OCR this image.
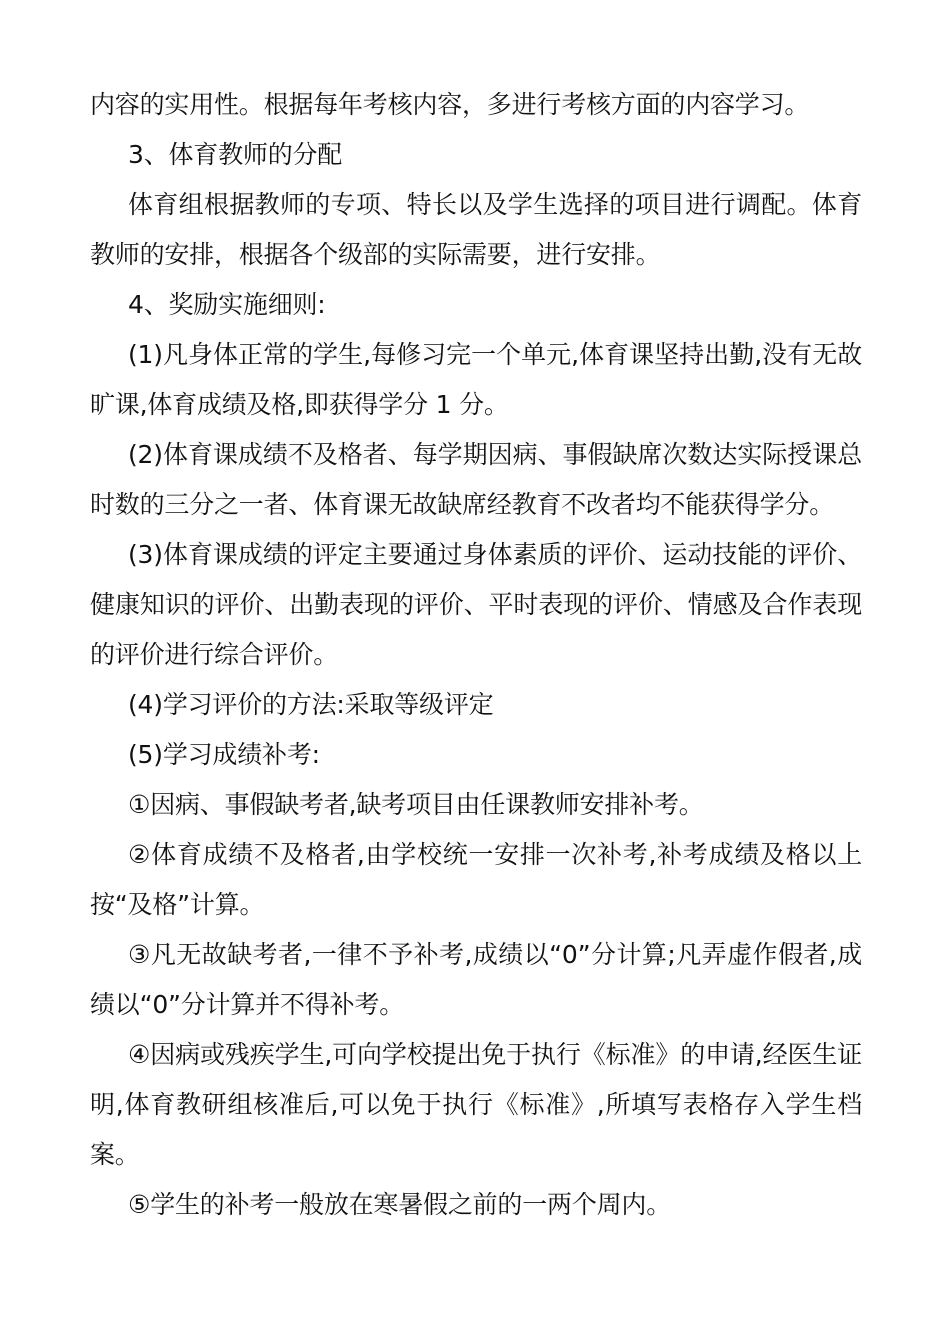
内容的实用性。根据每年考核内容，多进行考核方面的内容学习。

3、体育教师的分配

体育组根据教师的专项、特长以及学生选择的项目进行调配。体育教师的安排，根据各个级部的实际需要，进行安排。

4、奖励实施细则:

(1)凡身体正常的学生,每修习完一个单元,体育课坚持出勤,没有无故旷课,体育成绩及格,即获得学分 1 分。

(2)体育课成绩不及格者、每学期因病、事假缺席次数达实际授课总时数的三分之一者、体育课无故缺席经教育不改者均不能获得学分。

(3)体育课成绩的评定主要通过身体素质的评价、运动技能的评价、健康知识的评价、出勤表现的评价、平时表现的评价、情感及合作表现的评价进行综合评价。

(4)学习评价的方法:采取等级评定

(5)学习成绩补考:

①因病、事假缺考者,缺考项目由任课教师安排补考。

②体育成绩不及格者,由学校统一安排一次补考,补考成绩及格以上按“及格”计算。

③凡无故缺考者,一律不予补考,成绩以“0”分计算;凡弄虚作假者,成绩以“0”分计算并不得补考。

④因病或残疾学生,可向学校提出免于执行《标准》的申请,经医生证明,体育教研组核准后,可以免于执行《标准》,所填写表格存入学生档案。

⑤学生的补考一般放在寒暑假之前的一两个周内。
